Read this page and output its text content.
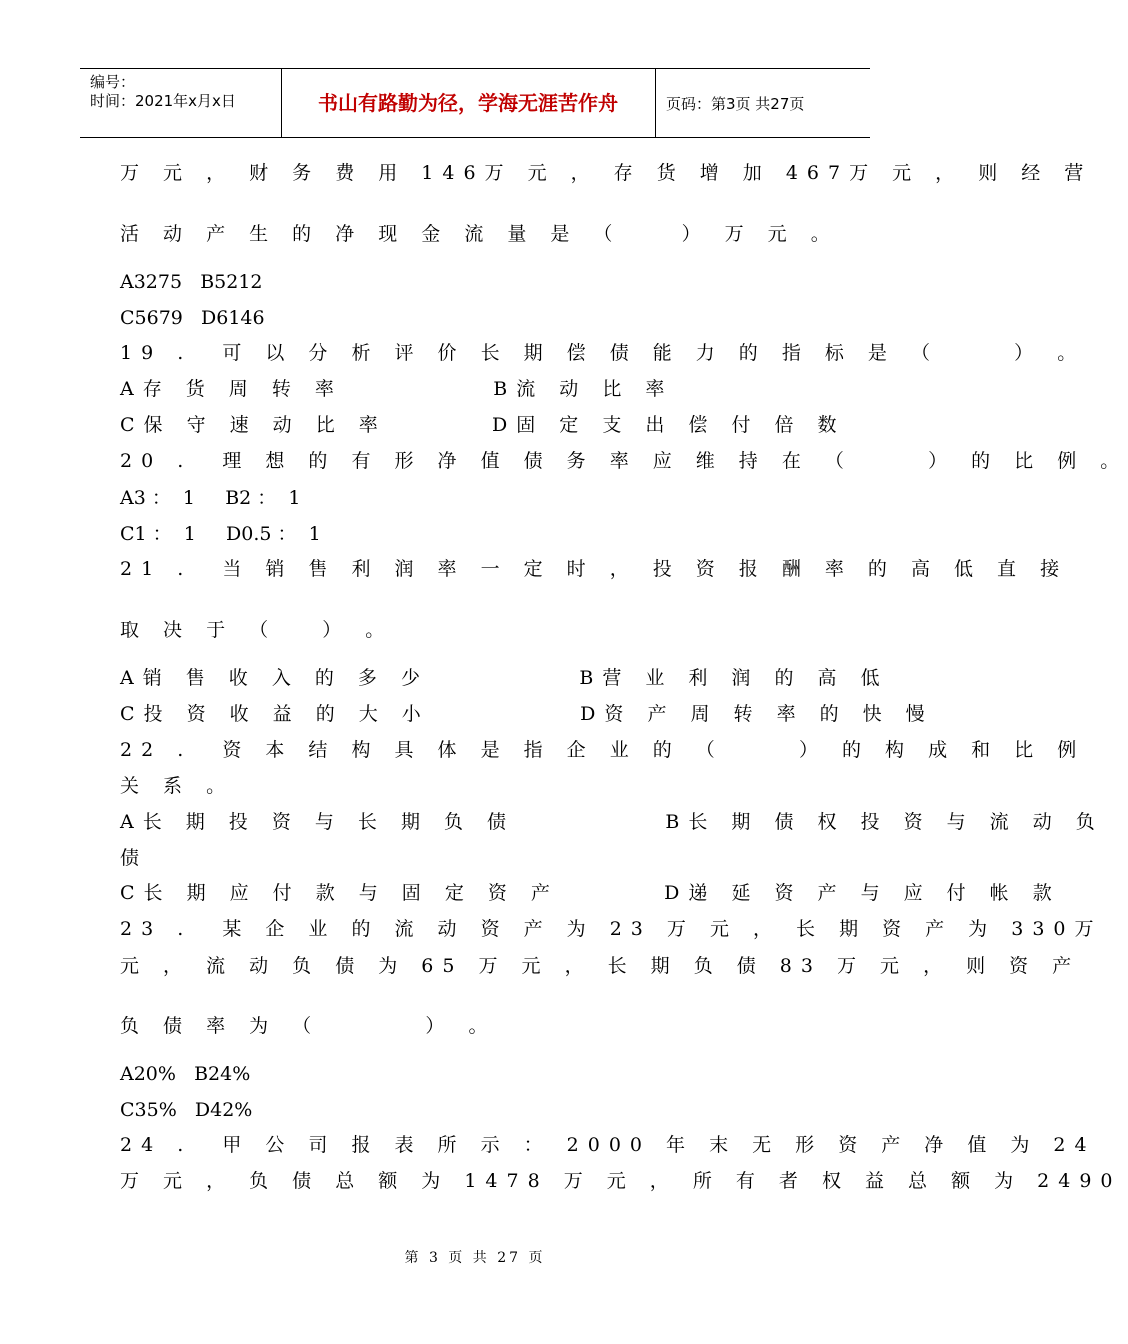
编号：
时间：2021年x月x日	书山有路勤为径，学海无涯苦作舟	页码：第3页 共27页
万 元 ， 财 务 费 用 146万 元 ， 存 货 增 加 467万 元 ， 则 经 营
活 动 产 生 的 净 现 金 流 量 是 （    ） 万 元 。
A3275   B5212
C5679   D6146
19 .  可 以 分 析 评 价 长 期 偿 债 能 力 的 指 标 是 （     ） 。
A存 货 周 转 率          B流 动 比 率
C保 守 速 动 比 率       D固 定 支 出 偿 付 倍 数
20 .  理 想 的 有 形 净 值 债 务 率 应 维 持 在 （     ） 的 比 例 。
A3 ：  1     B2 ：  1
C1 ：  1     D0.5 ：  1
21 .  当 销 售 利 润 率 一 定 时 ， 投 资 报 酬 率 的 高 低 直 接
取 决 于 （   ） 。
A销 售 收 入 的 多 少          B营 业 利 润 的 高 低
C投 资 收 益 的 大 小          D资 产 周 转 率 的 快 慢
22 .  资 本 结 构 具 体 是 指 企 业 的 （     ） 的 构 成 和 比 例
关 系 。
A长 期 投 资 与 长 期 负 债          B长 期 债 权 投 资 与 流 动 负
债
C长 期 应 付 款 与 固 定 资 产       D递 延 资 产 与 应 付 帐 款
23 .  某 企 业 的 流 动 资 产 为 23 万 元 ， 长 期 资 产 为 330万
元 ， 流 动 负 债 为 65 万 元 ， 长 期 负 债 83 万 元 ， 则 资 产
负 债 率 为 （       ） 。
A20%   B24%
C35%   D42%
24 .  甲 公 司 报 表 所 示 ： 2000 年 末 无 形 资 产 净 值 为 24
万 元 ， 负 债 总 额 为 1478 万 元 ， 所 有 者 权 益 总 额 为 2490
第 3 页 共 27 页
